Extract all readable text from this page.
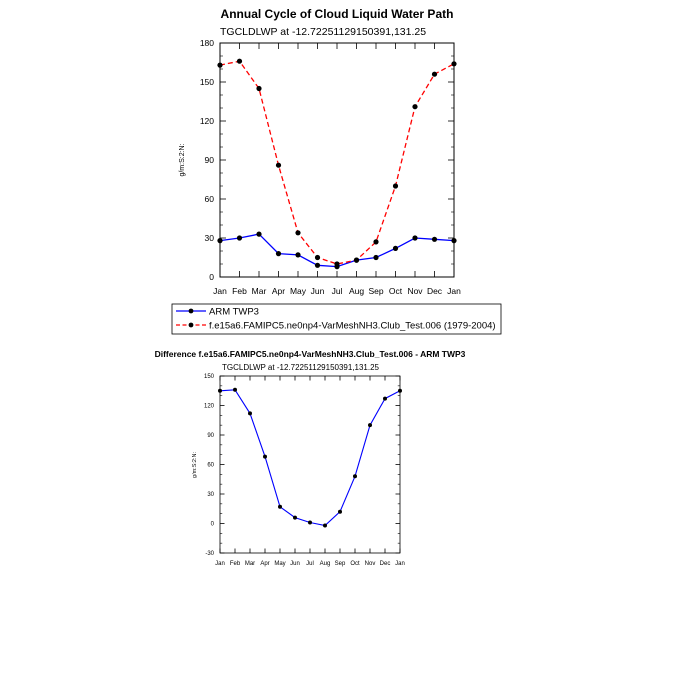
Annual Cycle of Cloud Liquid Water Path
TGCLDLWP at -12.72251129150391,131.25
g/m:S:2:N:
0
30
60
90
120
150
180
Jan Feb Mar Apr May Jun Jul Aug Sep Oct Nov Dec Jan
ARM TWP3
f.e15a6.FAMIPC5.ne0np4-VarMeshNH3.Club_Test.006 (1979-2004)
Difference f.e15a6.FAMIPC5.ne0np4-VarMeshNH3.Club_Test.006 - ARM TWP3
TGCLDLWP at -12.72251129150391,131.25
g/m:S:2:N:
-30
0
30
60
90
120
150
Jan Feb Mar Apr May Jun Jul Aug Sep Oct Nov Dec Jan
